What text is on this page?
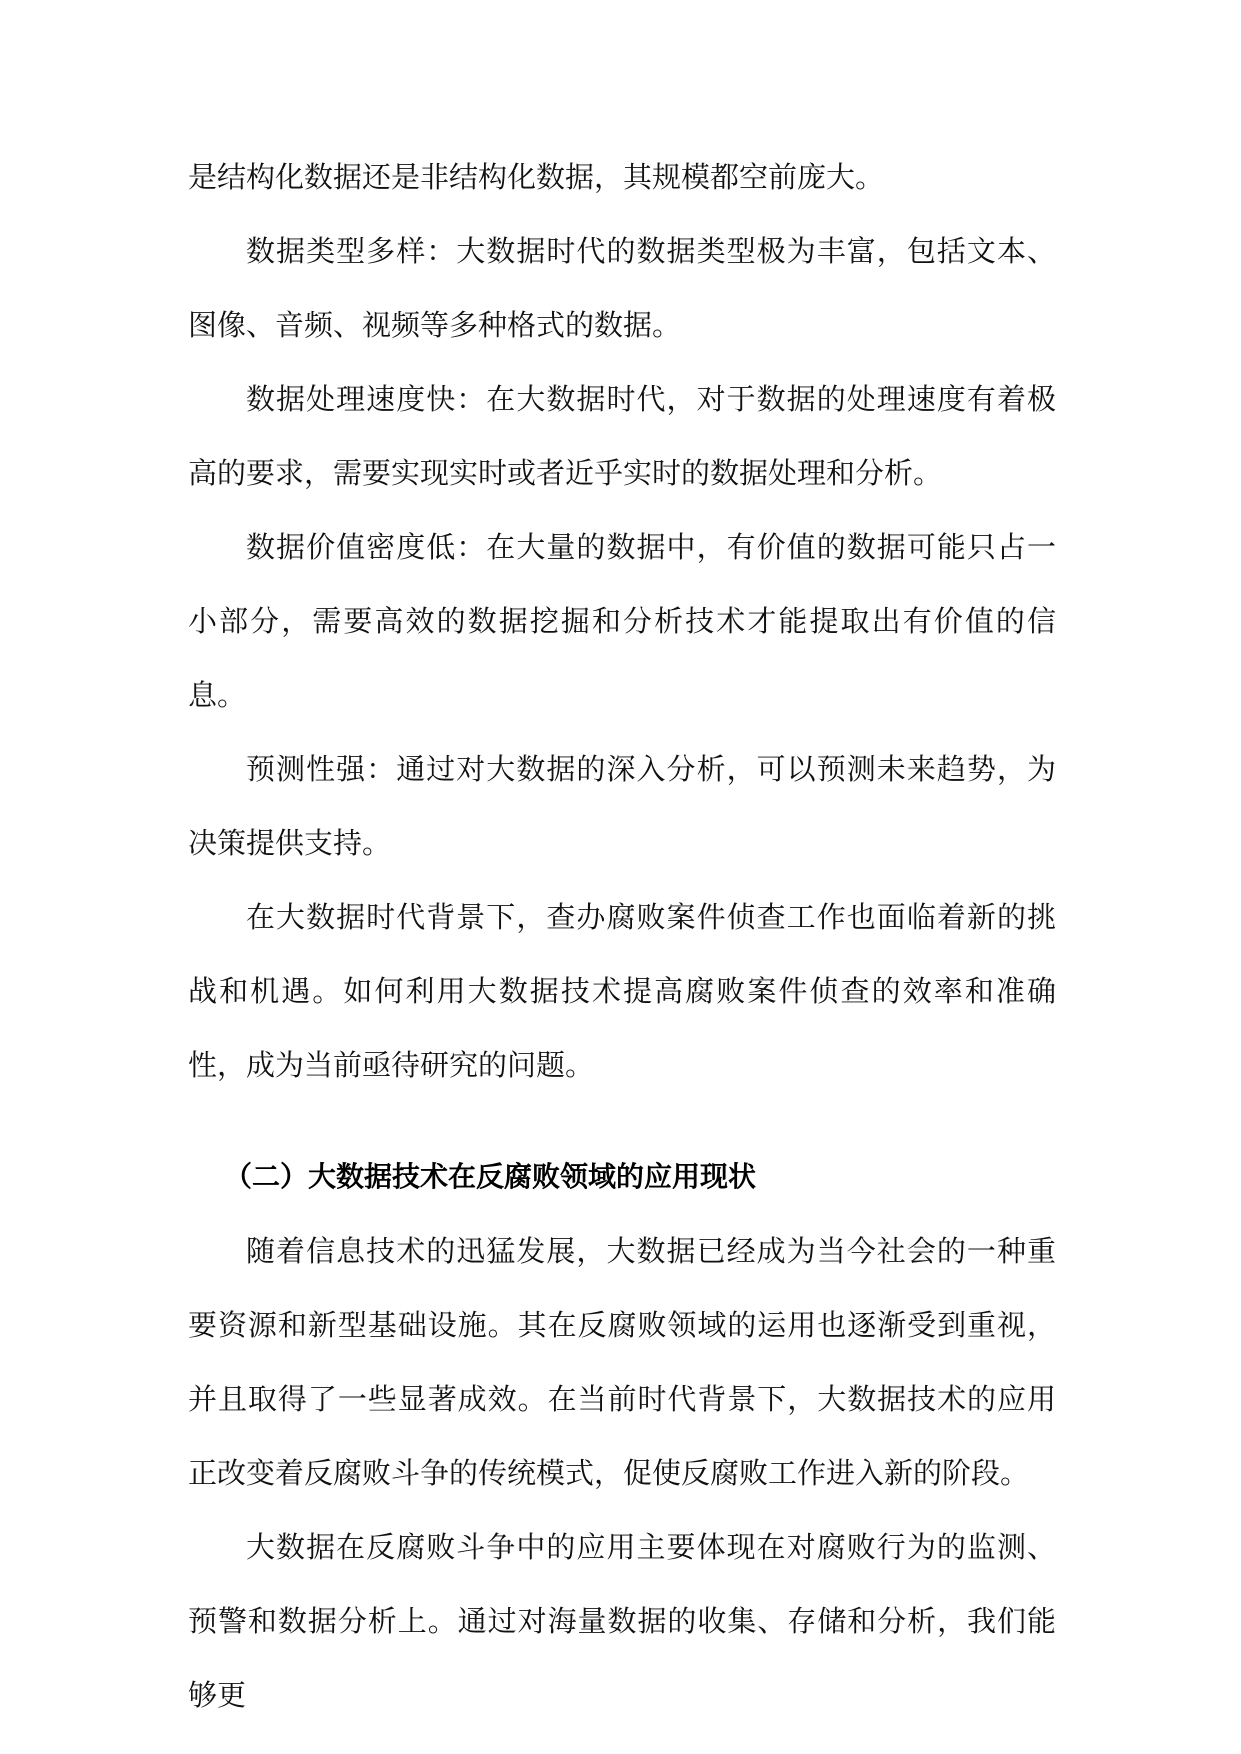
是结构化数据还是非结构化数据，其规模都空前庞大。

数据类型多样：大数据时代的数据类型极为丰富，包括文本、图像、音频、视频等多种格式的数据。

数据处理速度快：在大数据时代，对于数据的处理速度有着极高的要求，需要实现实时或者近乎实时的数据处理和分析。

数据价值密度低：在大量的数据中，有价值的数据可能只占一小部分，需要高效的数据挖掘和分析技术才能提取出有价值的信息。

预测性强：通过对大数据的深入分析，可以预测未来趋势，为决策提供支持。

在大数据时代背景下，查办腐败案件侦查工作也面临着新的挑战和机遇。如何利用大数据技术提高腐败案件侦查的效率和准确性，成为当前亟待研究的问题。

（二）大数据技术在反腐败领域的应用现状

随着信息技术的迅猛发展，大数据已经成为当今社会的一种重要资源和新型基础设施。其在反腐败领域的运用也逐渐受到重视，并且取得了一些显著成效。在当前时代背景下，大数据技术的应用正改变着反腐败斗争的传统模式，促使反腐败工作进入新的阶段。

大数据在反腐败斗争中的应用主要体现在对腐败行为的监测、预警和数据分析上。通过对海量数据的收集、存储和分析，我们能够更
